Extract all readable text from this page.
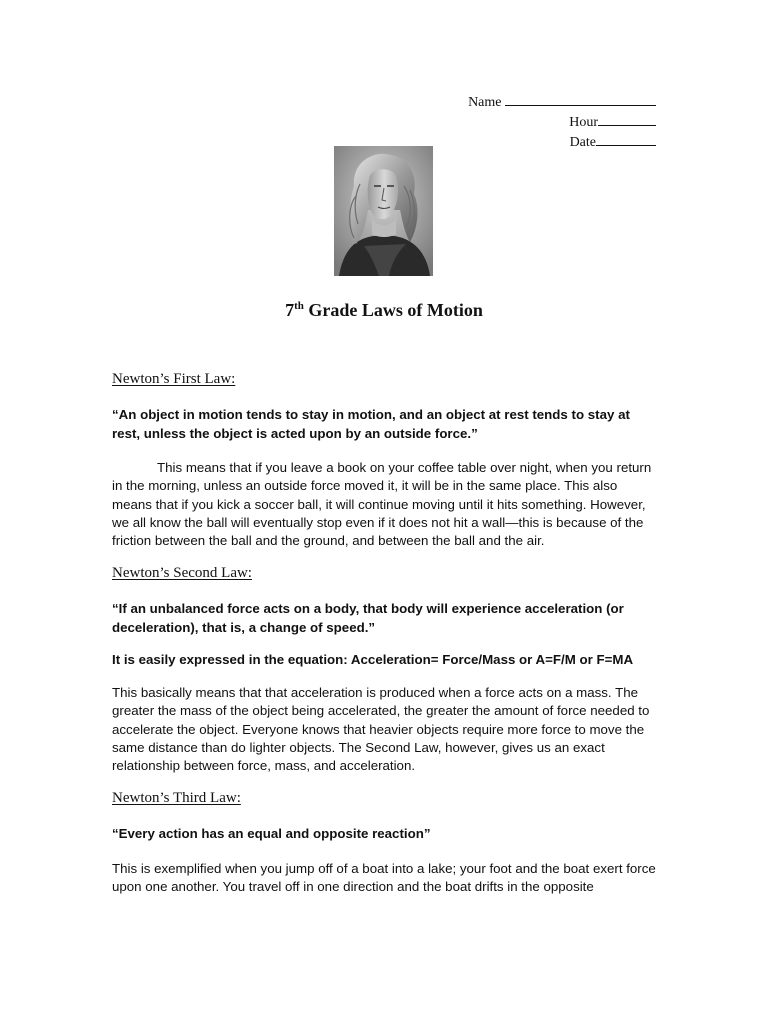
Name
Hour
Date
7th Grade Laws of Motion
Newton’s First Law:

“An object in motion tends to stay in motion, and an object at rest tends to stay at rest, unless the object is acted upon by an outside force.”

This means that if you leave a book on your coffee table over night, when you return in the morning, unless an outside force moved it, it will be in the same place. This also means that if you kick a soccer ball, it will continue moving until it hits something. However, we all know the ball will eventually stop even if it does not hit a wall—this is because of the friction between the ball and the ground, and between the ball and the air.

Newton’s Second Law:

“If an unbalanced force acts on a body, that body will experience acceleration (or deceleration), that is, a change of speed.”

It is easily expressed in the equation: Acceleration= Force/Mass or A=F/M or F=MA

This basically means that that acceleration is produced when a force acts on a mass. The greater the mass of the object being accelerated, the greater the amount of force needed to accelerate the object. Everyone knows that heavier objects require more force to move the same distance than do lighter objects. The Second Law, however, gives us an exact relationship between force, mass, and acceleration.

Newton’s Third Law:

“Every action has an equal and opposite reaction”

This is exemplified when you jump off of a boat into a lake; your foot and the boat exert force upon one another. You travel off in one direction and the boat drifts in the opposite
